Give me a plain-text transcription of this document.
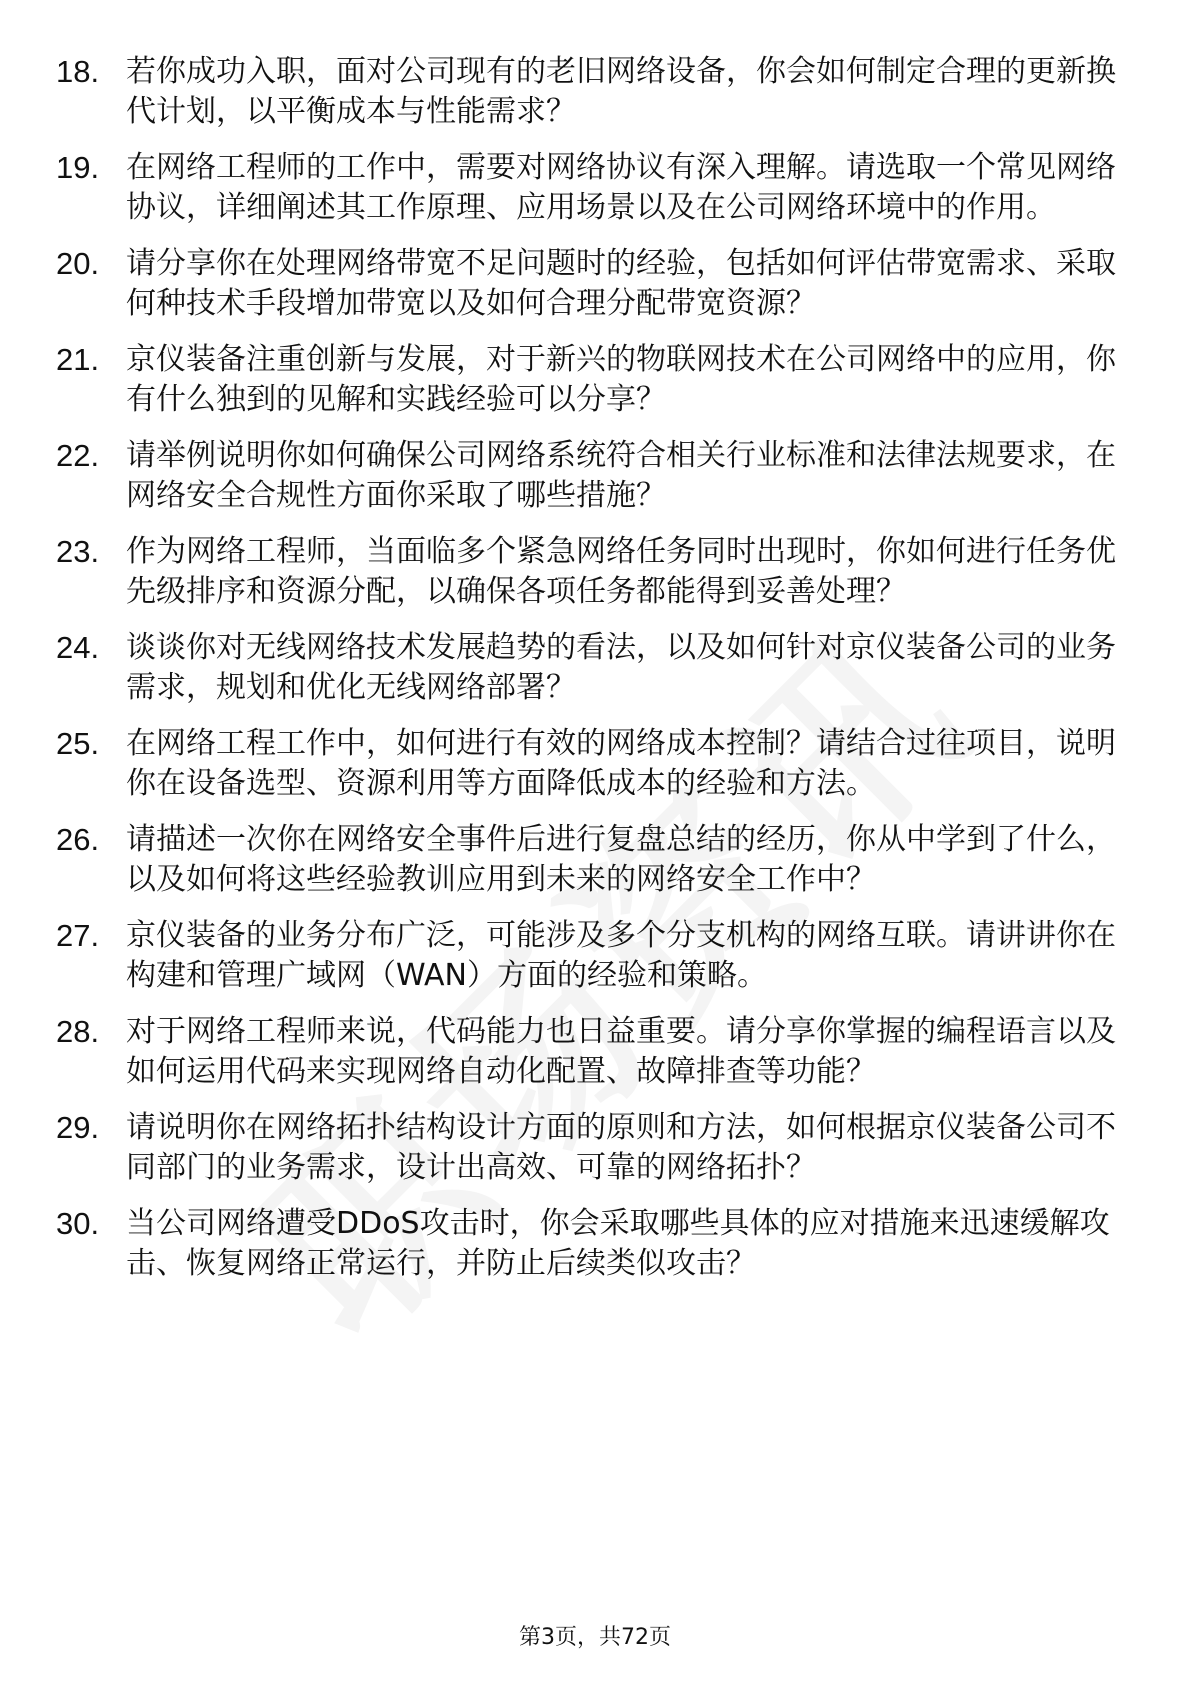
18. 若你成功入职，面对公司现有的老旧网络设备，你会如何制定合理的更新换代计划，以平衡成本与性能需求？
19. 在网络工程师的工作中，需要对网络协议有深入理解。请选取一个常见网络协议，详细阐述其工作原理、应用场景以及在公司网络环境中的作用。
20. 请分享你在处理网络带宽不足问题时的经验，包括如何评估带宽需求、采取何种技术手段增加带宽以及如何合理分配带宽资源？
21. 京仪装备注重创新与发展，对于新兴的物联网技术在公司网络中的应用，你有什么独到的见解和实践经验可以分享？
22. 请举例说明你如何确保公司网络系统符合相关行业标准和法律法规要求，在网络安全合规性方面你采取了哪些措施？
23. 作为网络工程师，当面临多个紧急网络任务同时出现时，你如何进行任务优先级排序和资源分配，以确保各项任务都能得到妥善处理？
24. 谈谈你对无线网络技术发展趋势的看法，以及如何针对京仪装备公司的业务需求，规划和优化无线网络部署？
25. 在网络工程工作中，如何进行有效的网络成本控制？请结合过往项目，说明你在设备选型、资源利用等方面降低成本的经验和方法。
26. 请描述一次你在网络安全事件后进行复盘总结的经历，你从中学到了什么，以及如何将这些经验教训应用到未来的网络安全工作中？
27. 京仪装备的业务分布广泛，可能涉及多个分支机构的网络互联。请讲讲你在构建和管理广域网（WAN）方面的经验和策略。
28. 对于网络工程师来说，代码能力也日益重要。请分享你掌握的编程语言以及如何运用代码来实现网络自动化配置、故障排查等功能？
29. 请说明你在网络拓扑结构设计方面的原则和方法，如何根据京仪装备公司不同部门的业务需求，设计出高效、可靠的网络拓扑？
30. 当公司网络遭受DDoS攻击时，你会采取哪些具体的应对措施来迅速缓解攻击、恢复网络正常运行，并防止后续类似攻击？
第3页，共72页
